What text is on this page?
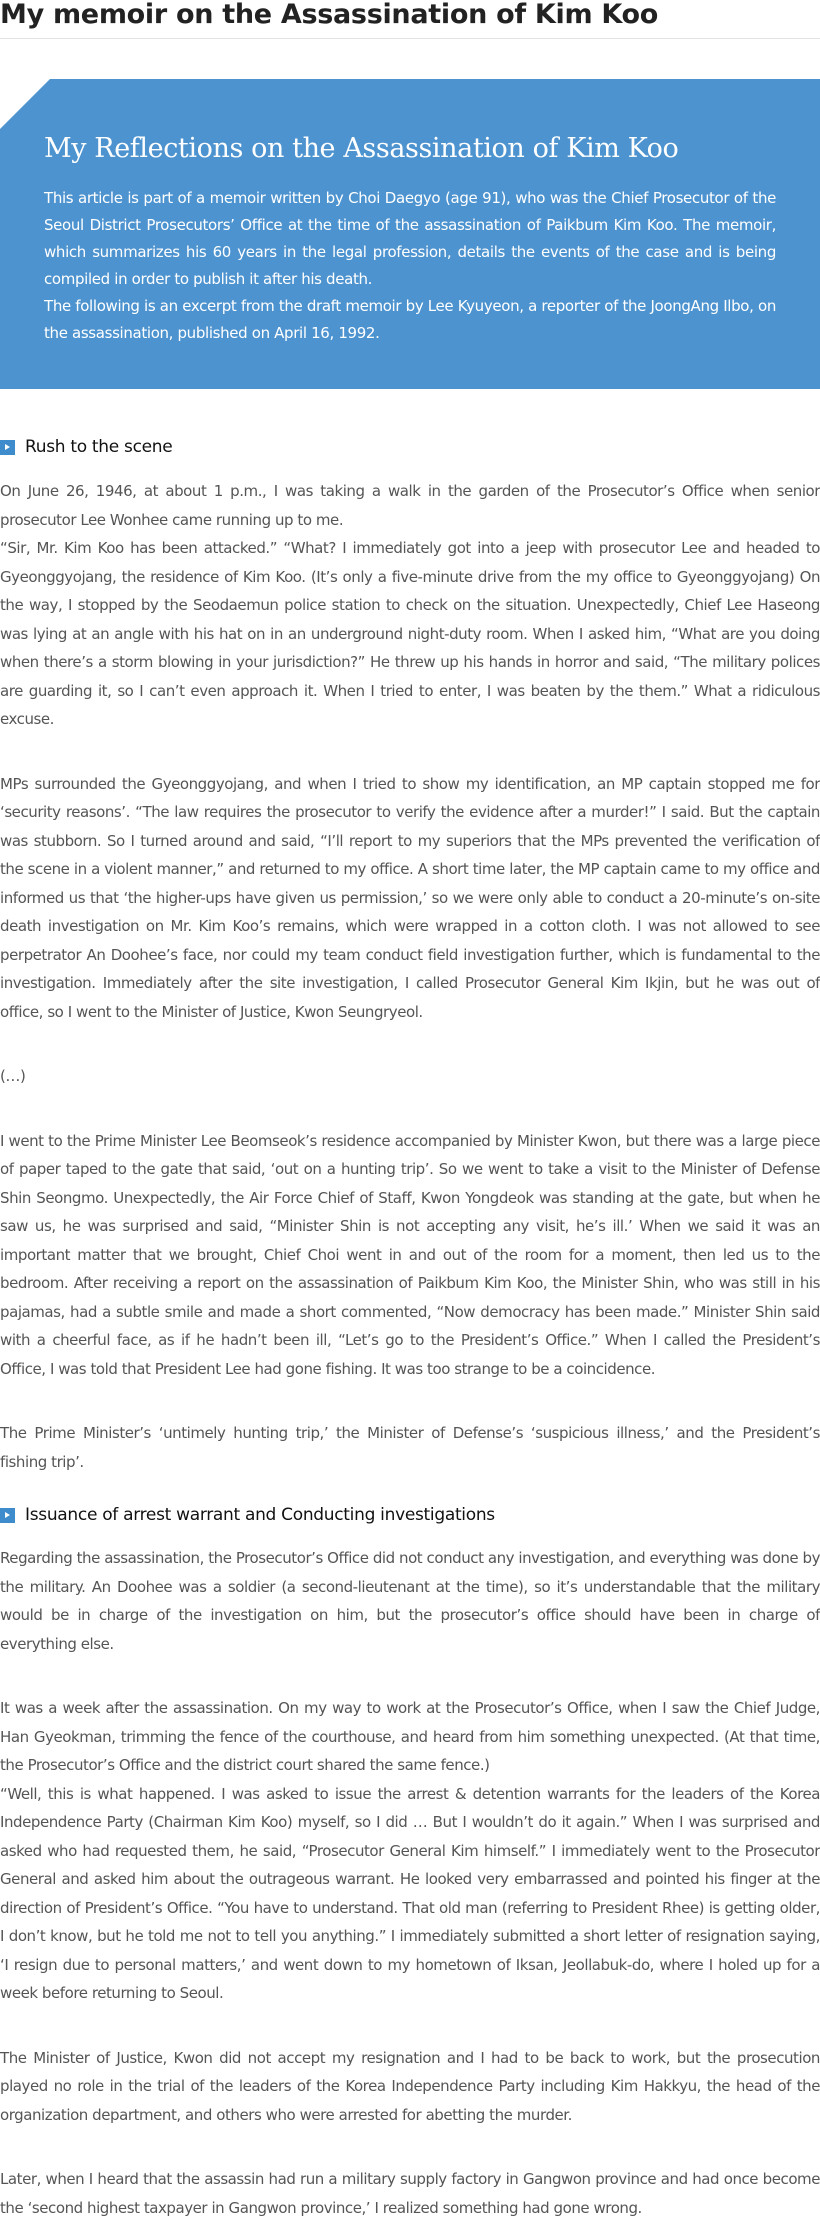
My memoir on the Assassination of Kim Koo
My Reflections on the Assassination of Kim Koo

This article is part of a memoir written by Choi Daegyo (age 91), who was the Chief Prosecutor of the Seoul District Prosecutors’ Office at the time of the assassination of Paikbum Kim Koo. The memoir, which summarizes his 60 years in the legal profession, details the events of the case and is being compiled in order to publish it after his death.

The following is an excerpt from the draft memoir by Lee Kyuyeon, a reporter of the JoongAng Ilbo, on the assassination, published on April 16, 1992.

Rush to the scene

On June 26, 1946, at about 1 p.m., I was taking a walk in the garden of the Prosecutor’s Office when senior prosecutor Lee Wonhee came running up to me.

“Sir, Mr. Kim Koo has been attacked.” “What? I immediately got into a jeep with prosecutor Lee and headed to Gyeonggyojang, the residence of Kim Koo. (It’s only a five-minute drive from the my office to Gyeonggyojang) On the way, I stopped by the Seodaemun police station to check on the situation. Unexpectedly, Chief Lee Haseong was lying at an angle with his hat on in an underground night-duty room. When I asked him, “What are you doing when there’s a storm blowing in your jurisdiction?” He threw up his hands in horror and said, “The military polices are guarding it, so I can’t even approach it. When I tried to enter, I was beaten by the them.” What a ridiculous excuse.

MPs surrounded the Gyeonggyojang, and when I tried to show my identification, an MP captain stopped me for ‘security reasons’. “The law requires the prosecutor to verify the evidence after a murder!” I said. But the captain was stubborn. So I turned around and said, “I’ll report to my superiors that the MPs prevented the verification of the scene in a violent manner,” and returned to my office. A short time later, the MP captain came to my office and informed us that ‘the higher-ups have given us permission,’ so we were only able to conduct a 20-minute’s on-site death investigation on Mr. Kim Koo’s remains, which were wrapped in a cotton cloth. I was not allowed to see perpetrator An Doohee’s face, nor could my team conduct field investigation further, which is fundamental to the investigation. Immediately after the site investigation, I called Prosecutor General Kim Ikjin, but he was out of office, so I went to the Minister of Justice, Kwon Seungryeol.

(…)

I went to the Prime Minister Lee Beomseok’s residence accompanied by Minister Kwon, but there was a large piece of paper taped to the gate that said, ‘out on a hunting trip’. So we went to take a visit to the Minister of Defense Shin Seongmo. Unexpectedly, the Air Force Chief of Staff, Kwon Yongdeok was standing at the gate, but when he saw us, he was surprised and said, “Minister Shin is not accepting any visit, he’s ill.’ When we said it was an important matter that we brought, Chief Choi went in and out of the room for a moment, then led us to the bedroom. After receiving a report on the assassination of Paikbum Kim Koo, the Minister Shin, who was still in his pajamas, had a subtle smile and made a short commented, “Now democracy has been made.” Minister Shin said with a cheerful face, as if he hadn’t been ill, “Let’s go to the President’s Office.” When I called the President’s Office, I was told that President Lee had gone fishing. It was too strange to be a coincidence.

The Prime Minister’s ‘untimely hunting trip,’ the Minister of Defense’s ‘suspicious illness,’ and the President’s fishing trip’.

Issuance of arrest warrant and Conducting investigations

Regarding the assassination, the Prosecutor’s Office did not conduct any investigation, and everything was done by the military. An Doohee was a soldier (a second-lieutenant at the time), so it’s understandable that the military would be in charge of the investigation on him, but the prosecutor’s office should have been in charge of everything else.

It was a week after the assassination. On my way to work at the Prosecutor’s Office, when I saw the Chief Judge, Han Gyeokman, trimming the fence of the courthouse, and heard from him something unexpected. (At that time, the Prosecutor’s Office and the district court shared the same fence.)

“Well, this is what happened. I was asked to issue the arrest & detention warrants for the leaders of the Korea Independence Party (Chairman Kim Koo) myself, so I did … But I wouldn’t do it again.” When I was surprised and asked who had requested them, he said, “Prosecutor General Kim himself.” I immediately went to the Prosecutor General and asked him about the outrageous warrant. He looked very embarrassed and pointed his finger at the direction of President’s Office. “You have to understand. That old man (referring to President Rhee) is getting older, I don’t know, but he told me not to tell you anything.” I immediately submitted a short letter of resignation saying, ‘I resign due to personal matters,’ and went down to my hometown of Iksan, Jeollabuk-do, where I holed up for a week before returning to Seoul.

The Minister of Justice, Kwon did not accept my resignation and I had to be back to work, but the prosecution played no role in the trial of the leaders of the Korea Independence Party including Kim Hakkyu, the head of the organization department, and others who were arrested for abetting the murder.

Later, when I heard that the assassin had run a military supply factory in Gangwon province and had once become the ‘second highest taxpayer in Gangwon province,’ I realized something had gone wrong.
